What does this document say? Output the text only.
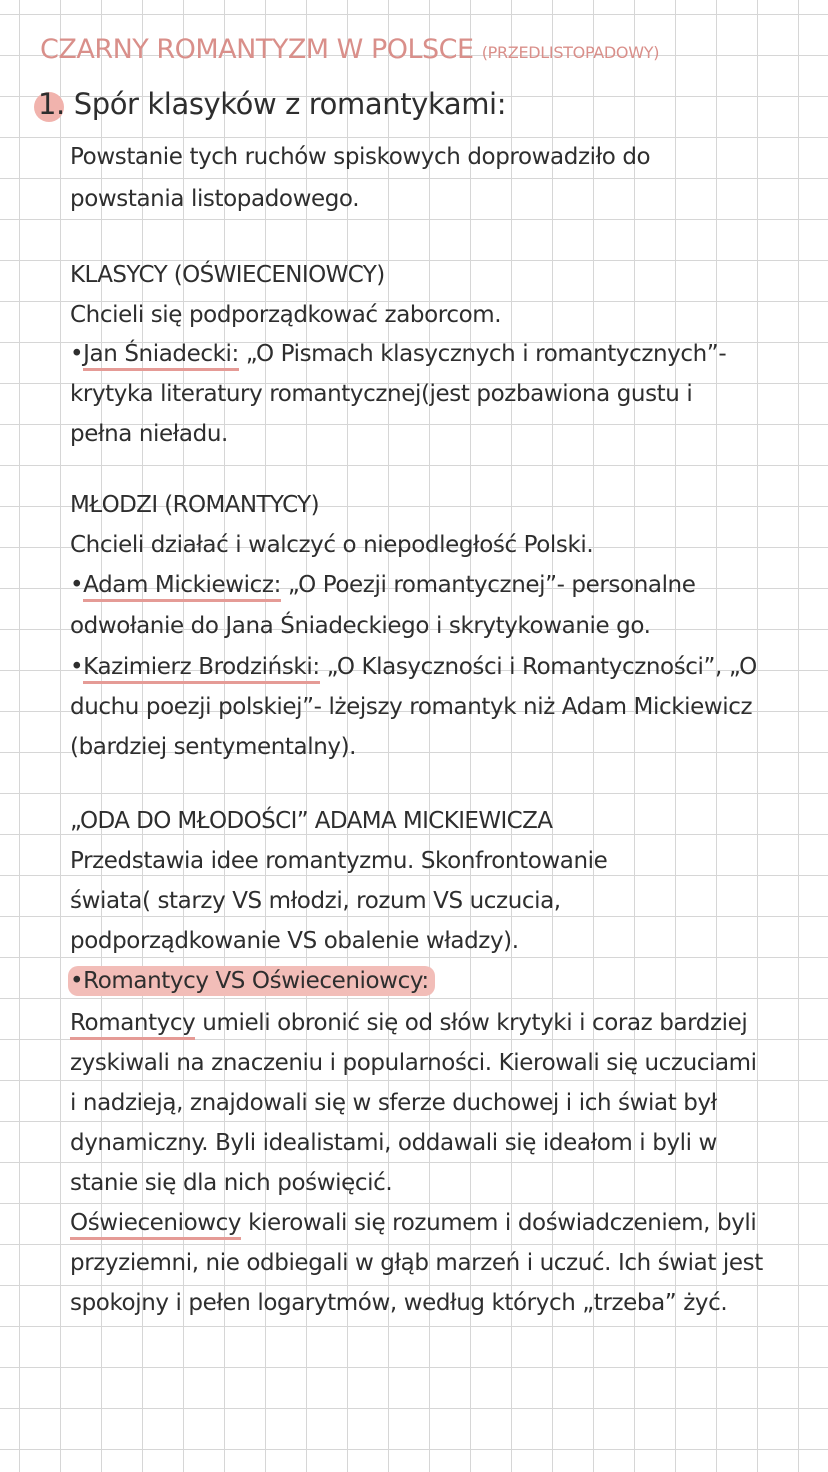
CZARNY ROMANTYZM W POLSCE (PRZEDLISTOPADOWY)
1. Spór klasyków z romantykami:
Powstanie tych ruchów spiskowych doprowadziło do
powstania listopadowego.
KLASYCY (OŚWIECENIOWCY)
Chcieli się podporządkować zaborcom.
•Jan Śniadecki: „O Pismach klasycznych i romantycznych”-
krytyka literatury romantycznej(jest pozbawiona gustu i
pełna nieładu.
MŁODZI (ROMANTYCY)
Chcieli działać i walczyć o niepodległość Polski.
•Adam Mickiewicz: „O Poezji romantycznej”- personalne
odwołanie do Jana Śniadeckiego i skrytykowanie go.
•Kazimierz Brodziński: „O Klasyczności i Romantyczności”, „O
duchu poezji polskiej”- lżejszy romantyk niż Adam Mickiewicz
(bardziej sentymentalny).
„ODA DO MŁODOŚCI” ADAMA MICKIEWICZA
Przedstawia idee romantyzmu. Skonfrontowanie
świata( starzy VS młodzi, rozum VS uczucia,
podporządkowanie VS obalenie władzy).
•Romantycy VS Oświeceniowcy:
Romantycy umieli obronić się od słów krytyki i coraz bardziej
zyskiwali na znaczeniu i popularności. Kierowali się uczuciami
i nadzieją, znajdowali się w sferze duchowej i ich świat był
dynamiczny. Byli idealistami, oddawali się ideałom i byli w
stanie się dla nich poświęcić.
Oświeceniowcy kierowali się rozumem i doświadczeniem, byli
przyziemni, nie odbiegali w głąb marzeń i uczuć. Ich świat jest
spokojny i pełen logarytmów, według których „trzeba” żyć.
